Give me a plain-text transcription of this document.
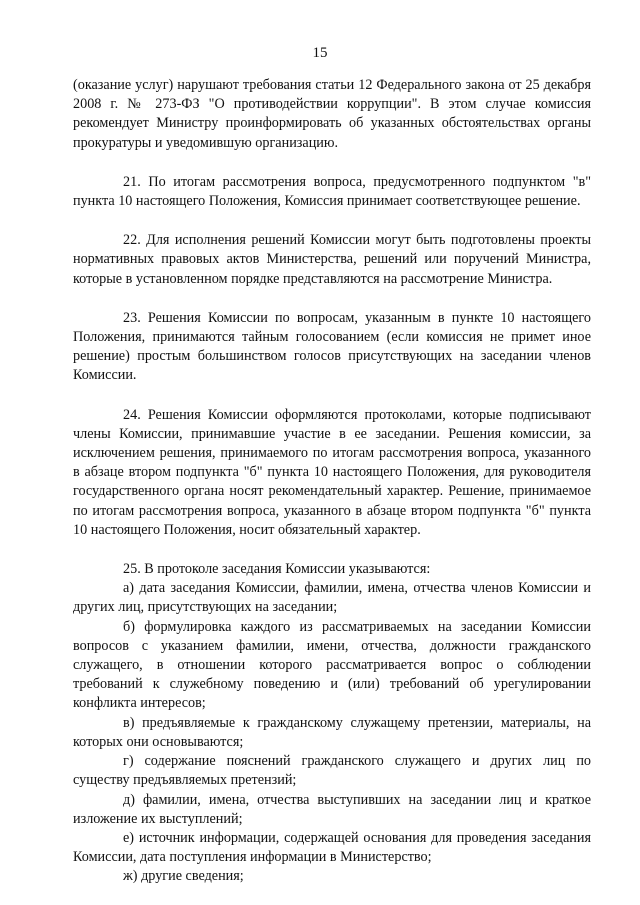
15

(оказание услуг) нарушают требования статьи 12 Федерального закона от 25 декабря 2008 г. № 273-ФЗ "О противодействии коррупции". В этом случае комиссия рекомендует Министру проинформировать об указанных обстоятельствах органы прокуратуры и уведомившую организацию.

21. По итогам рассмотрения вопроса, предусмотренного подпунктом "в" пункта 10 настоящего Положения, Комиссия принимает соответствующее решение.

22. Для исполнения решений Комиссии могут быть подготовлены проекты нормативных правовых актов Министерства, решений или поручений Министра, которые в установленном порядке представляются на рассмотрение Министра.

23. Решения Комиссии по вопросам, указанным в пункте 10 настоящего Положения, принимаются тайным голосованием (если комиссия не примет иное решение) простым большинством голосов присутствующих на заседании членов Комиссии.

24. Решения Комиссии оформляются протоколами, которые подписывают члены Комиссии, принимавшие участие в ее заседании. Решения комиссии, за исключением решения, принимаемого по итогам рассмотрения вопроса, указанного в абзаце втором подпункта "б" пункта 10 настоящего Положения, для руководителя государственного органа носят рекомендательный характер. Решение, принимаемое по итогам рассмотрения вопроса, указанного в абзаце втором подпункта "б" пункта 10 настоящего Положения, носит обязательный характер.

25. В протоколе заседания Комиссии указываются:

а) дата заседания Комиссии, фамилии, имена, отчества членов Комиссии и других лиц, присутствующих на заседании;

б) формулировка каждого из рассматриваемых на заседании Комиссии вопросов с указанием фамилии, имени, отчества, должности гражданского служащего, в отношении которого рассматривается вопрос о соблюдении требований к служебному поведению и (или) требований об урегулировании конфликта интересов;

в) предъявляемые к гражданскому служащему претензии, материалы, на которых они основываются;

г) содержание пояснений гражданского служащего и других лиц по существу предъявляемых претензий;

д) фамилии, имена, отчества выступивших на заседании лиц и краткое изложение их выступлений;

е) источник информации, содержащей основания для проведения заседания Комиссии, дата поступления информации в Министерство;

ж) другие сведения;
